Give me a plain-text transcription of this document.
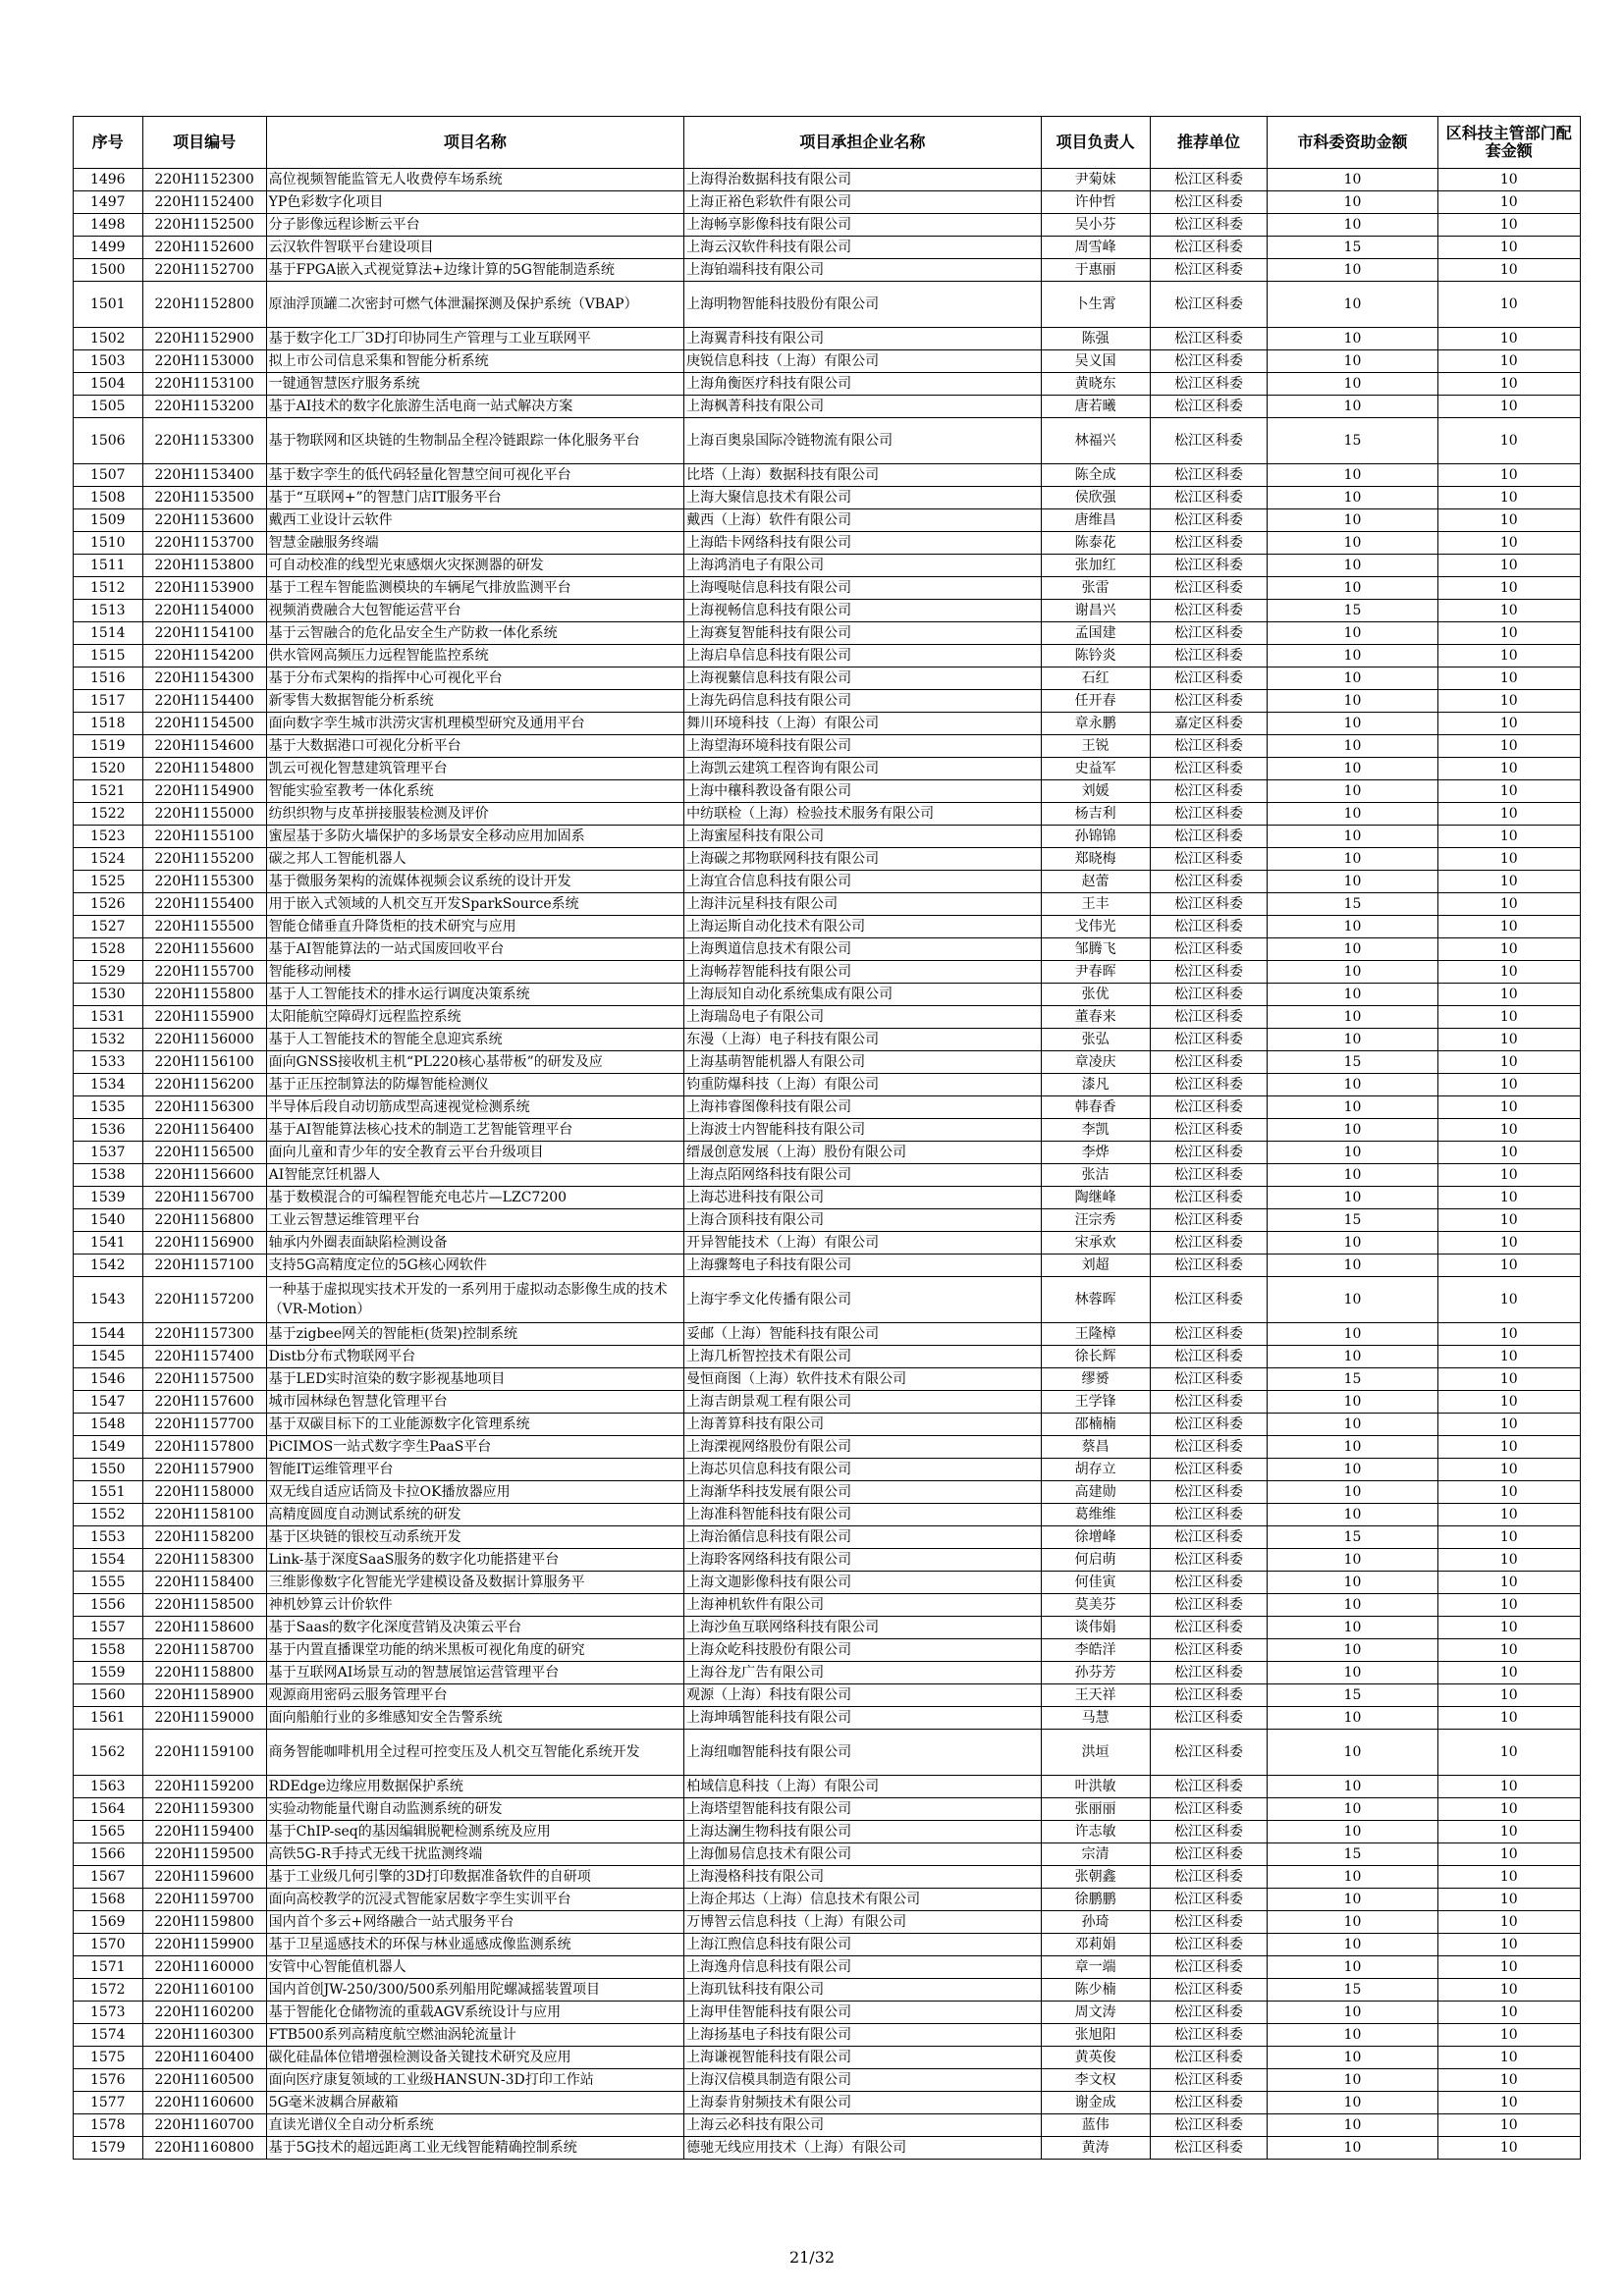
序号	项目编号	项目名称	项目承担企业名称	项目负责人	推荐单位	市科委资助金额	区科技主管部门配套金额
1496	220H1152300	高位视频智能监管无人收费停车场系统	上海得治数据科技有限公司	尹菊妹	松江区科委	10	10
1497	220H1152400	YP色彩数字化项目	上海正裕色彩软件有限公司	许仲哲	松江区科委	10	10
1498	220H1152500	分子影像远程诊断云平台	上海畅享影像科技有限公司	吴小芬	松江区科委	10	10
1499	220H1152600	云汉软件智联平台建设项目	上海云汉软件科技有限公司	周雪峰	松江区科委	15	10
1500	220H1152700	基于FPGA嵌入式视觉算法+边缘计算的5G智能制造系统	上海铂端科技有限公司	于惠丽	松江区科委	10	10
1501	220H1152800	原油浮顶罐二次密封可燃气体泄漏探测及保护系统（VBAP）	上海明物智能科技股份有限公司	卜生霄	松江区科委	10	10
1502	220H1152900	基于数字化工厂3D打印协同生产管理与工业互联网平	上海翼青科技有限公司	陈强	松江区科委	10	10
1503	220H1153000	拟上市公司信息采集和智能分析系统	庚锐信息科技（上海）有限公司	吴义国	松江区科委	10	10
1504	220H1153100	一键通智慧医疗服务系统	上海角衡医疗科技有限公司	黄晓东	松江区科委	10	10
1505	220H1153200	基于AI技术的数字化旅游生活电商一站式解决方案	上海枫菁科技有限公司	唐若曦	松江区科委	10	10
1506	220H1153300	基于物联网和区块链的生物制品全程冷链跟踪一体化服务平台	上海百奥泉国际冷链物流有限公司	林福兴	松江区科委	15	10
1507	220H1153400	基于数字孪生的低代码轻量化智慧空间可视化平台	比塔（上海）数据科技有限公司	陈全成	松江区科委	10	10
1508	220H1153500	基于“互联网+”的智慧门店IT服务平台	上海大聚信息技术有限公司	侯欣强	松江区科委	10	10
1509	220H1153600	戴西工业设计云软件	戴西（上海）软件有限公司	唐维昌	松江区科委	10	10
1510	220H1153700	智慧金融服务终端	上海皓卡网络科技有限公司	陈泰花	松江区科委	10	10
1511	220H1153800	可自动校准的线型光束感烟火灾探测器的研发	上海鸿消电子有限公司	张加红	松江区科委	10	10
1512	220H1153900	基于工程车智能监测模块的车辆尾气排放监测平台	上海嘎哒信息科技有限公司	张雷	松江区科委	10	10
1513	220H1154000	视频消费融合大包智能运营平台	上海视畅信息科技有限公司	谢昌兴	松江区科委	15	10
1514	220H1154100	基于云智融合的危化品安全生产防救一体化系统	上海赛复智能科技有限公司	孟国建	松江区科委	10	10
1515	220H1154200	供水管网高频压力远程智能监控系统	上海启阜信息科技有限公司	陈钤炎	松江区科委	10	10
1516	220H1154300	基于分布式架构的指挥中心可视化平台	上海视蘩信息科技有限公司	石红	松江区科委	10	10
1517	220H1154400	新零售大数据智能分析系统	上海先码信息科技有限公司	任开春	松江区科委	10	10
1518	220H1154500	面向数字孪生城市洪涝灾害机理模型研究及通用平台	舞川环境科技（上海）有限公司	章永鹏	嘉定区科委	10	10
1519	220H1154600	基于大数据港口可视化分析平台	上海望海环境科技有限公司	王锐	松江区科委	10	10
1520	220H1154800	凯云可视化智慧建筑管理平台	上海凯云建筑工程咨询有限公司	史益军	松江区科委	10	10
1521	220H1154900	智能实验室教考一体化系统	上海中穰科教设备有限公司	刘媛	松江区科委	10	10
1522	220H1155000	纺织织物与皮革拼接服装检测及评价	中纺联检（上海）检验技术服务有限公司	杨吉利	松江区科委	10	10
1523	220H1155100	蜜屋基于多防火墙保护的多场景安全移动应用加固系	上海蜜屋科技有限公司	孙锦锦	松江区科委	10	10
1524	220H1155200	碳之邦人工智能机器人	上海碳之邦物联网科技有限公司	郑晓梅	松江区科委	10	10
1525	220H1155300	基于微服务架构的流媒体视频会议系统的设计开发	上海宜合信息科技有限公司	赵蕾	松江区科委	10	10
1526	220H1155400	用于嵌入式领域的人机交互开发SparkSource系统	上海沣沅星科技有限公司	王丰	松江区科委	15	10
1527	220H1155500	智能仓储垂直升降货柜的技术研究与应用	上海运斯自动化技术有限公司	戈伟光	松江区科委	10	10
1528	220H1155600	基于AI智能算法的一站式国废回收平台	上海舆道信息技术有限公司	邹腾飞	松江区科委	10	10
1529	220H1155700	智能移动闸楼	上海畅荐智能科技有限公司	尹春晖	松江区科委	10	10
1530	220H1155800	基于人工智能技术的排水运行调度决策系统	上海辰知自动化系统集成有限公司	张优	松江区科委	10	10
1531	220H1155900	太阳能航空障碍灯远程监控系统	上海瑞岛电子有限公司	董春来	松江区科委	10	10
1532	220H1156000	基于人工智能技术的智能全息迎宾系统	东漫（上海）电子科技有限公司	张弘	松江区科委	10	10
1533	220H1156100	面向GNSS接收机主机“PL220核心基带板”的研发及应	上海基萌智能机器人有限公司	章凌庆	松江区科委	15	10
1534	220H1156200	基于正压控制算法的防爆智能检测仪	钧重防爆科技（上海）有限公司	漆凡	松江区科委	10	10
1535	220H1156300	半导体后段自动切筋成型高速视觉检测系统	上海祎睿图像科技有限公司	韩春香	松江区科委	10	10
1536	220H1156400	基于AI智能算法核心技术的制造工艺智能管理平台	上海波士内智能科技有限公司	李凯	松江区科委	10	10
1537	220H1156500	面向儿童和青少年的安全教育云平台升级项目	缙晟创意发展（上海）股份有限公司	李烨	松江区科委	10	10
1538	220H1156600	AI智能烹饪机器人	上海点陌网络科技有限公司	张洁	松江区科委	10	10
1539	220H1156700	基于数模混合的可编程智能充电芯片—LZC7200	上海芯进科技有限公司	陶继峰	松江区科委	10	10
1540	220H1156800	工业云智慧运维管理平台	上海合顶科技有限公司	汪宗秀	松江区科委	15	10
1541	220H1156900	轴承内外圈表面缺陷检测设备	开异智能技术（上海）有限公司	宋承欢	松江区科委	10	10
1542	220H1157100	支持5G高精度定位的5G核心网软件	上海骤骜电子科技有限公司	刘超	松江区科委	10	10
1543	220H1157200	一种基于虚拟现实技术开发的一系列用于虚拟动态影像生成的技术（VR-Motion）	上海宇季文化传播有限公司	林蓉晖	松江区科委	10	10
1544	220H1157300	基于zigbee网关的智能柜(货架)控制系统	妥邮（上海）智能科技有限公司	王隆樟	松江区科委	10	10
1545	220H1157400	Distb分布式物联网平台	上海几析智控技术有限公司	徐长辉	松江区科委	10	10
1546	220H1157500	基于LED实时渲染的数字影视基地项目	曼恒商图（上海）软件技术有限公司	缪赟	松江区科委	15	10
1547	220H1157600	城市园林绿色智慧化管理平台	上海吉朗景观工程有限公司	王学锋	松江区科委	10	10
1548	220H1157700	基于双碳目标下的工业能源数字化管理系统	上海菁算科技有限公司	邵楠楠	松江区科委	10	10
1549	220H1157800	PiCIMOS一站式数字孪生PaaS平台	上海溧视网络股份有限公司	蔡昌	松江区科委	10	10
1550	220H1157900	智能IT运维管理平台	上海芯贝信息科技有限公司	胡存立	松江区科委	10	10
1551	220H1158000	双无线自适应话筒及卡拉OK播放器应用	上海渐华科技发展有限公司	高建勋	松江区科委	10	10
1552	220H1158100	高精度圆度自动测试系统的研发	上海准科智能科技有限公司	葛维维	松江区科委	10	10
1553	220H1158200	基于区块链的银校互动系统开发	上海治循信息科技有限公司	徐增峰	松江区科委	15	10
1554	220H1158300	Link-基于深度SaaS服务的数字化功能搭建平台	上海聆客网络科技有限公司	何启萌	松江区科委	10	10
1555	220H1158400	三维影像数字化智能光学建模设备及数据计算服务平	上海文迦影像科技有限公司	何佳寅	松江区科委	10	10
1556	220H1158500	神机妙算云计价软件	上海神机软件有限公司	莫美芬	松江区科委	10	10
1557	220H1158600	基于Saas的数字化深度营销及决策云平台	上海沙鱼互联网络科技有限公司	谈伟娟	松江区科委	10	10
1558	220H1158700	基于内置直播课堂功能的纳米黑板可视化角度的研究	上海众屹科技股份有限公司	李皓洋	松江区科委	10	10
1559	220H1158800	基于互联网AI场景互动的智慧展馆运营管理平台	上海谷龙广告有限公司	孙芬芳	松江区科委	10	10
1560	220H1158900	观源商用密码云服务管理平台	观源（上海）科技有限公司	王天祥	松江区科委	15	10
1561	220H1159000	面向船舶行业的多维感知安全告警系统	上海坤瑀智能科技有限公司	马慧	松江区科委	10	10
1562	220H1159100	商务智能咖啡机用全过程可控变压及人机交互智能化系统开发	上海纽咖智能科技有限公司	洪垣	松江区科委	10	10
1563	220H1159200	RDEdge边缘应用数据保护系统	柏域信息科技（上海）有限公司	叶洪敏	松江区科委	10	10
1564	220H1159300	实验动物能量代谢自动监测系统的研发	上海塔望智能科技有限公司	张丽丽	松江区科委	10	10
1565	220H1159400	基于ChIP-seq的基因编辑脱靶检测系统及应用	上海达澜生物科技有限公司	许志敏	松江区科委	10	10
1566	220H1159500	高铁5G-R手持式无线干扰监测终端	上海伽易信息技术有限公司	宗清	松江区科委	15	10
1567	220H1159600	基于工业级几何引擎的3D打印数据准备软件的自研项	上海漫格科技有限公司	张朝鑫	松江区科委	10	10
1568	220H1159700	面向高校教学的沉浸式智能家居数字孪生实训平台	上海企邦达（上海）信息技术有限公司	徐鹏鹏	松江区科委	10	10
1569	220H1159800	国内首个多云+网络融合一站式服务平台	万博智云信息科技（上海）有限公司	孙琦	松江区科委	10	10
1570	220H1159900	基于卫星遥感技术的环保与林业遥感成像监测系统	上海江煦信息科技有限公司	邓莉娟	松江区科委	10	10
1571	220H1160000	安管中心智能值机器人	上海逸舟信息科技有限公司	章一端	松江区科委	10	10
1572	220H1160100	国内首创JW-250/300/500系列船用陀螺减摇装置项目	上海玑钛科技有限公司	陈少楠	松江区科委	15	10
1573	220H1160200	基于智能化仓储物流的重载AGV系统设计与应用	上海甲佳智能科技有限公司	周文涛	松江区科委	10	10
1574	220H1160300	FTB500系列高精度航空燃油涡轮流量计	上海扬基电子科技有限公司	张旭阳	松江区科委	10	10
1575	220H1160400	碳化硅晶体位错增强检测设备关键技术研究及应用	上海谦视智能科技有限公司	黄英俊	松江区科委	10	10
1576	220H1160500	面向医疗康复领域的工业级HANSUN-3D打印工作站	上海汉信模具制造有限公司	李文权	松江区科委	10	10
1577	220H1160600	5G毫米波耦合屏蔽箱	上海泰肯射频技术有限公司	谢金成	松江区科委	10	10
1578	220H1160700	直读光谱仪全自动分析系统	上海云必科技有限公司	蓝伟	松江区科委	10	10
1579	220H1160800	基于5G技术的超远距离工业无线智能精确控制系统	德驰无线应用技术（上海）有限公司	黄涛	松江区科委	10	10
21/32
